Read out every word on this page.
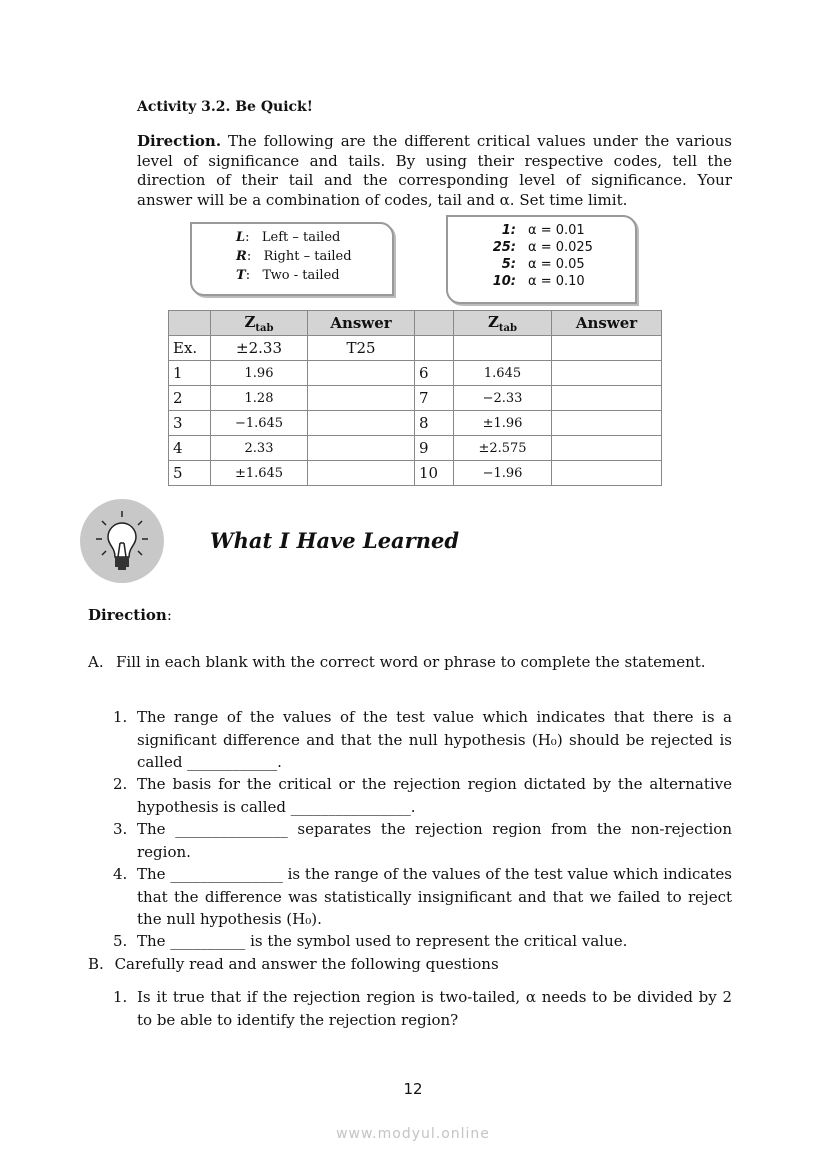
Activity 3.2. Be Quick!
Direction. The following are the different critical values under the various level of significance and tails. By using their respective codes, tell the direction of their tail and the corresponding level of significance. Your answer will be a combination of codes, tail and α. Set time limit.
L:   Left – tailed
R:   Right – tailed
T:   Two - tailed
1: α = 0.01
25: α = 0.025
5: α = 0.05
10: α = 0.10
	$Z_{tab}$	Answer		$Z_{tab}$	Answer
Ex.	±2.33	T25			
1	1.96		6	1.645	
2	1.28		7	−2.33	
3	−1.645		8	±1.96	
4	2.33		9	±2.575	
5	±1.645		10	−1.96	
What I Have Learned
Direction:
A. Fill in each blank with the correct word or phrase to complete the statement.
1. The range of the values of the test value which indicates that there is a significant difference and that the null hypothesis (H₀) should be rejected is called ____________.
2. The basis for the critical or the rejection region dictated by the alternative hypothesis is called ________________.
3. The _______________ separates the rejection region from the non-rejection region.
4. The _______________ is the range of the values of the test value which indicates that the difference was statistically insignificant and that we failed to reject the null hypothesis (H₀).
5. The __________ is the symbol used to represent the critical value.
B. Carefully read and answer the following questions
1. Is it true that if the rejection region is two-tailed, α needs to be divided by 2 to be able to identify the rejection region?
12
www.modyul.online
